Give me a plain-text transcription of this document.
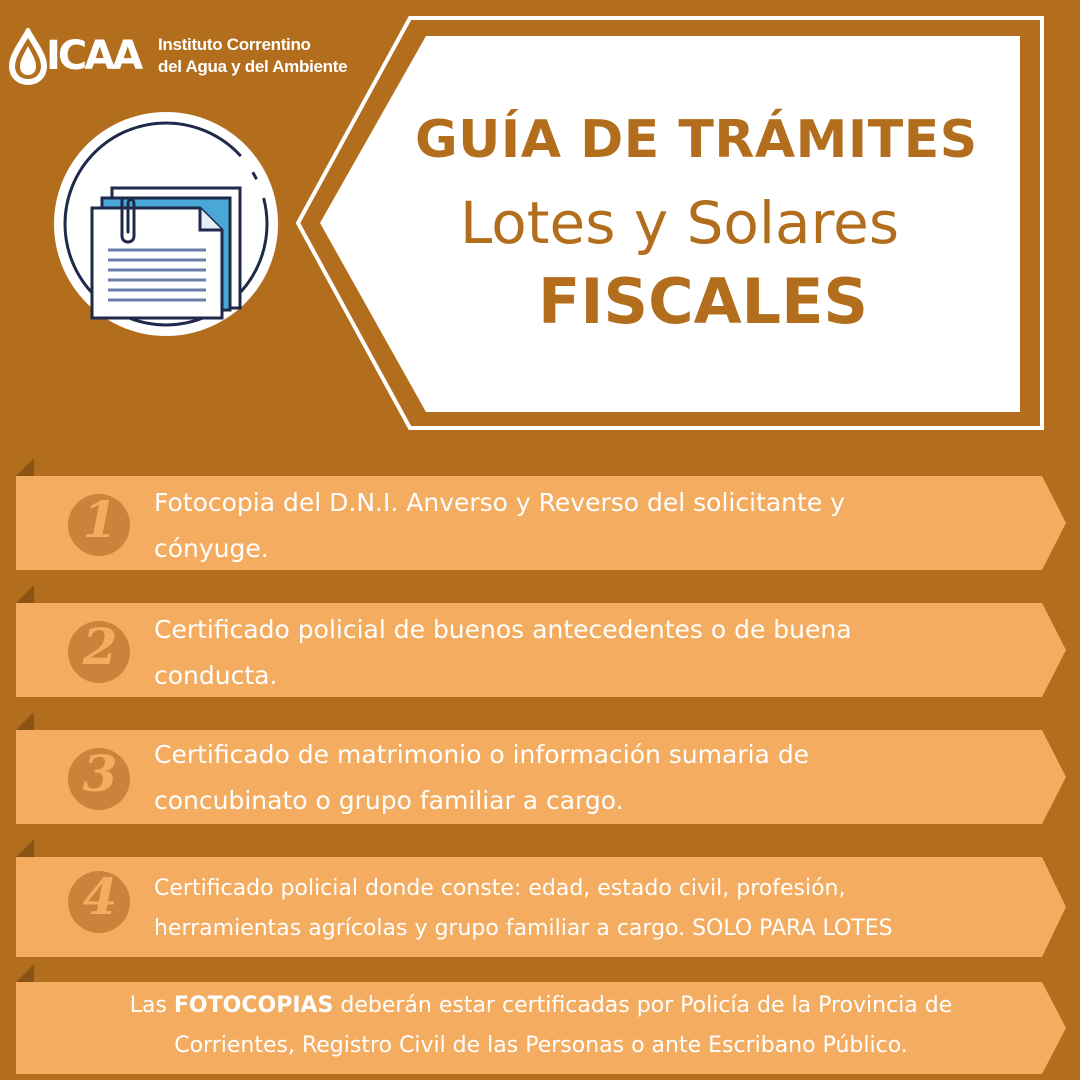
ICAA Instituto Correntino
del Agua y del Ambiente
GUÍA DE TRÁMITES
Lotes y Solares
FISCALES
1	Fotocopia del D.N.I. Anverso y Reverso del solicitante y
cónyuge.
2	Certificado policial de buenos antecedentes o de buena
conducta.
3	Certificado de matrimonio o información sumaria de
concubinato o grupo familiar a cargo.
4	Certificado policial donde conste: edad, estado civil, profesión,
herramientas agrícolas y grupo familiar a cargo. SOLO PARA LOTES
Las FOTOCOPIAS deberán estar certificadas por Policía de la Provincia de
Corrientes, Registro Civil de las Personas o ante Escribano Público.
